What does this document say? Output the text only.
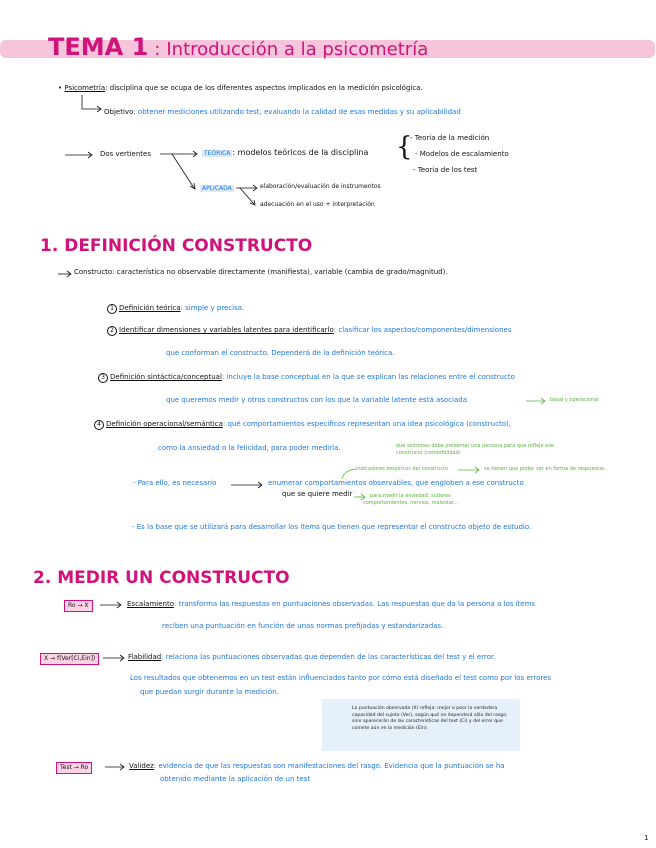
TEMA 1 : Introducción a la psicometría
• Psicometría: disciplina que se ocupa de los diferentes aspectos implicados en la medición psicológica.
Objetivo: obtener mediciones utilizando test, evaluando la calidad de esas medidas y su aplicabilidad
Dos vertientes	TEÓRICA : modelos teóricos de la disciplina {
- Teoría de la medición
- Modelos de escalamiento
- Teoría de los test
APLICADA	elaboración/evaluación de instrumentos
adecuación en el uso + interpretación
1. DEFINICIÓN CONSTRUCTO
Constructo: característica no observable directamente (manifiesta), variable (cambia de grado/magnitud).
1 Definición teórica: simple y precisa.
2 Identificar dimensiones y variables latentes para identificarlo: clasificar los aspectos/componentes/dimensiones
que conforman el constructo. Dependerá de la definición teórica.
3 Definición sintáctica/conceptual: incluye la base conceptual en la que se explican las relaciones entre el constructo
que queremos medir y otros constructos con los que la variable latente está asociada	basal y operacional
4 Definición operacional/semántica: qué comportamientos específicos representan una idea psicológica (constructo),
como la ansiedad o la felicidad, para poder medirla.	qué síntomas debe presentar una persona para que refleje ese constructo (comorbilidad)
indicadores empíricos del constructo	se tienen que poder ver en forma de respuestas
- Para ello, es necesario	enumerar comportamientos observables, que engloben a ese constructo
que se quiere medir	para medir la ansiedad: sudores
comportamientos, nervios, malestar...
- Es la base que se utilizará para desarrollar los ítems que tienen que representar el constructo objeto de estudio.
2. MEDIR UN CONSTRUCTO
Ro → X	Escalamiento: transforma las respuestas en puntuaciones observadas. Las respuestas que da la persona a los ítems
reciben una puntuación en función de unas normas prefijadas y estandarizadas.
X → f(Ver[Ci,Ein])	Fiabilidad: relaciona las puntuaciones observadas que dependen de las características del test y el error.
Los resultados que obtenemos en un test están influenciados tanto por cómo está diseñado el test como por los errores
que puedan surgir durante la medición.
La puntuación observada (X) refleja: mejor o peor la verdadera capacidad del sujeto (Ver), según qué no dependerá sólo del rasgo, sino aparecerán de las características del test (Ci) y del error que comete aún en la medición (Ein).
Test → Ro	Validez: evidencia de que las respuestas son manifestaciones del rasgo. Evidencia que la puntuación se ha
obtenido mediante la aplicación de un test
1
